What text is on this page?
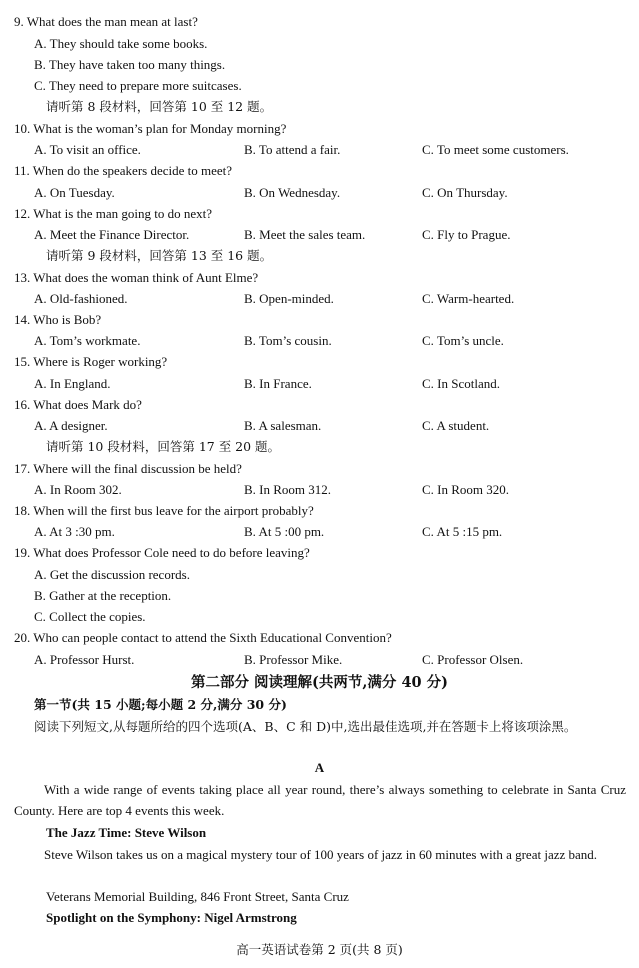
9. What does the man mean at last?
A. They should take some books.
B. They have taken too many things.
C. They need to prepare more suitcases.
请听第 8 段材料，回答第 10 至 12 题。
10. What is the woman’s plan for Monday morning?
A. To visit an office.	B. To attend a fair.	C. To meet some customers.
11. When do the speakers decide to meet?
A. On Tuesday.	B. On Wednesday.	C. On Thursday.
12. What is the man going to do next?
A. Meet the Finance Director.	B. Meet the sales team.	C. Fly to Prague.
请听第 9 段材料，回答第 13 至 16 题。
13. What does the woman think of Aunt Elme?
A. Old-fashioned.	B. Open-minded.	C. Warm-hearted.
14. Who is Bob?
A. Tom’s workmate.	B. Tom’s cousin.	C. Tom’s uncle.
15. Where is Roger working?
A. In England.	B. In France.	C. In Scotland.
16. What does Mark do?
A. A designer.	B. A salesman.	C. A student.
请听第 10 段材料，回答第 17 至 20 题。
17. Where will the final discussion be held?
A. In Room 302.	B. In Room 312.	C. In Room 320.
18. When will the first bus leave for the airport probably?
A. At 3 :30 pm.	B. At 5 :00 pm.	C. At 5 :15 pm.
19. What does Professor Cole need to do before leaving?
A. Get the discussion records.
B. Gather at the reception.
C. Collect the copies.
20. Who can people contact to attend the Sixth Educational Convention?
A. Professor Hurst.	B. Professor Mike.	C. Professor Olsen.
第二部分 阅读理解(共两节,满分 40 分)
第一节(共 15 小题;每小题 2 分,满分 30 分)
阅读下列短文,从每题所给的四个选项(A、B、C 和 D)中,选出最佳选项,并在答题卡上将该项涂黑。
A
With a wide range of events taking place all year round, there’s always something to celebrate in Santa Cruz County. Here are top 4 events this week.
The Jazz Time: Steve Wilson
Steve Wilson takes us on a magical mystery tour of 100 years of jazz in 60 minutes with a great jazz band.
Veterans Memorial Building, 846 Front Street, Santa Cruz
Spotlight on the Symphony: Nigel Armstrong
高一英语试卷第 2 页(共 8 页)
